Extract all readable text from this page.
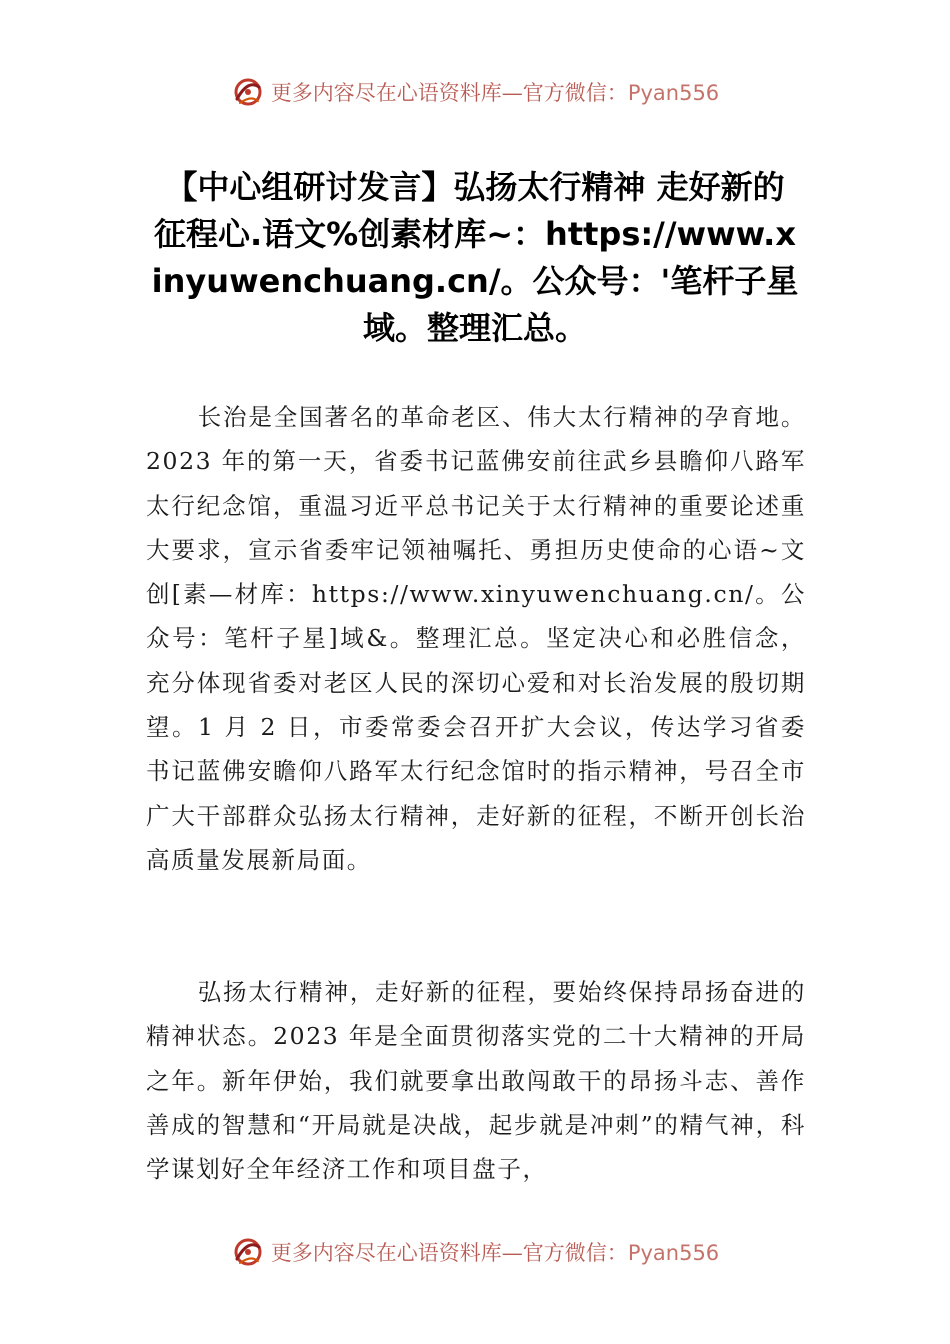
更多内容尽在心语资料库—官方微信：Pyan556
【中心组研讨发言】弘扬太行精神 走好新的征程心.语文%创素材库~：https://www.xinyuwenchuang.cn/。公众号：'笔杆子星域。整理汇总。

长治是全国著名的革命老区、伟大太行精神的孕育地。2023 年的第一天，省委书记蓝佛安前往武乡县瞻仰八路军太行纪念馆，重温习近平总书记关于太行精神的重要论述重大要求，宣示省委牢记领袖嘱托、勇担历史使命的心语~文创[素—材库：https://www.xinyuwenchuang.cn/。公众号：笔杆子星]域&。整理汇总。坚定决心和必胜信念，充分体现省委对老区人民的深切心爱和对长治发展的殷切期望。1 月 2 日，市委常委会召开扩大会议，传达学习省委书记蓝佛安瞻仰八路军太行纪念馆时的指示精神，号召全市广大干部群众弘扬太行精神，走好新的征程，不断开创长治高质量发展新局面。

弘扬太行精神，走好新的征程，要始终保持昂扬奋进的精神状态。2023 年是全面贯彻落实党的二十大精神的开局之年。新年伊始，我们就要拿出敢闯敢干的昂扬斗志、善作善成的智慧和“开局就是决战，起步就是冲刺”的精气神，科学谋划好全年经济工作和项目盘子，

更多内容尽在心语资料库—官方微信：Pyan556
